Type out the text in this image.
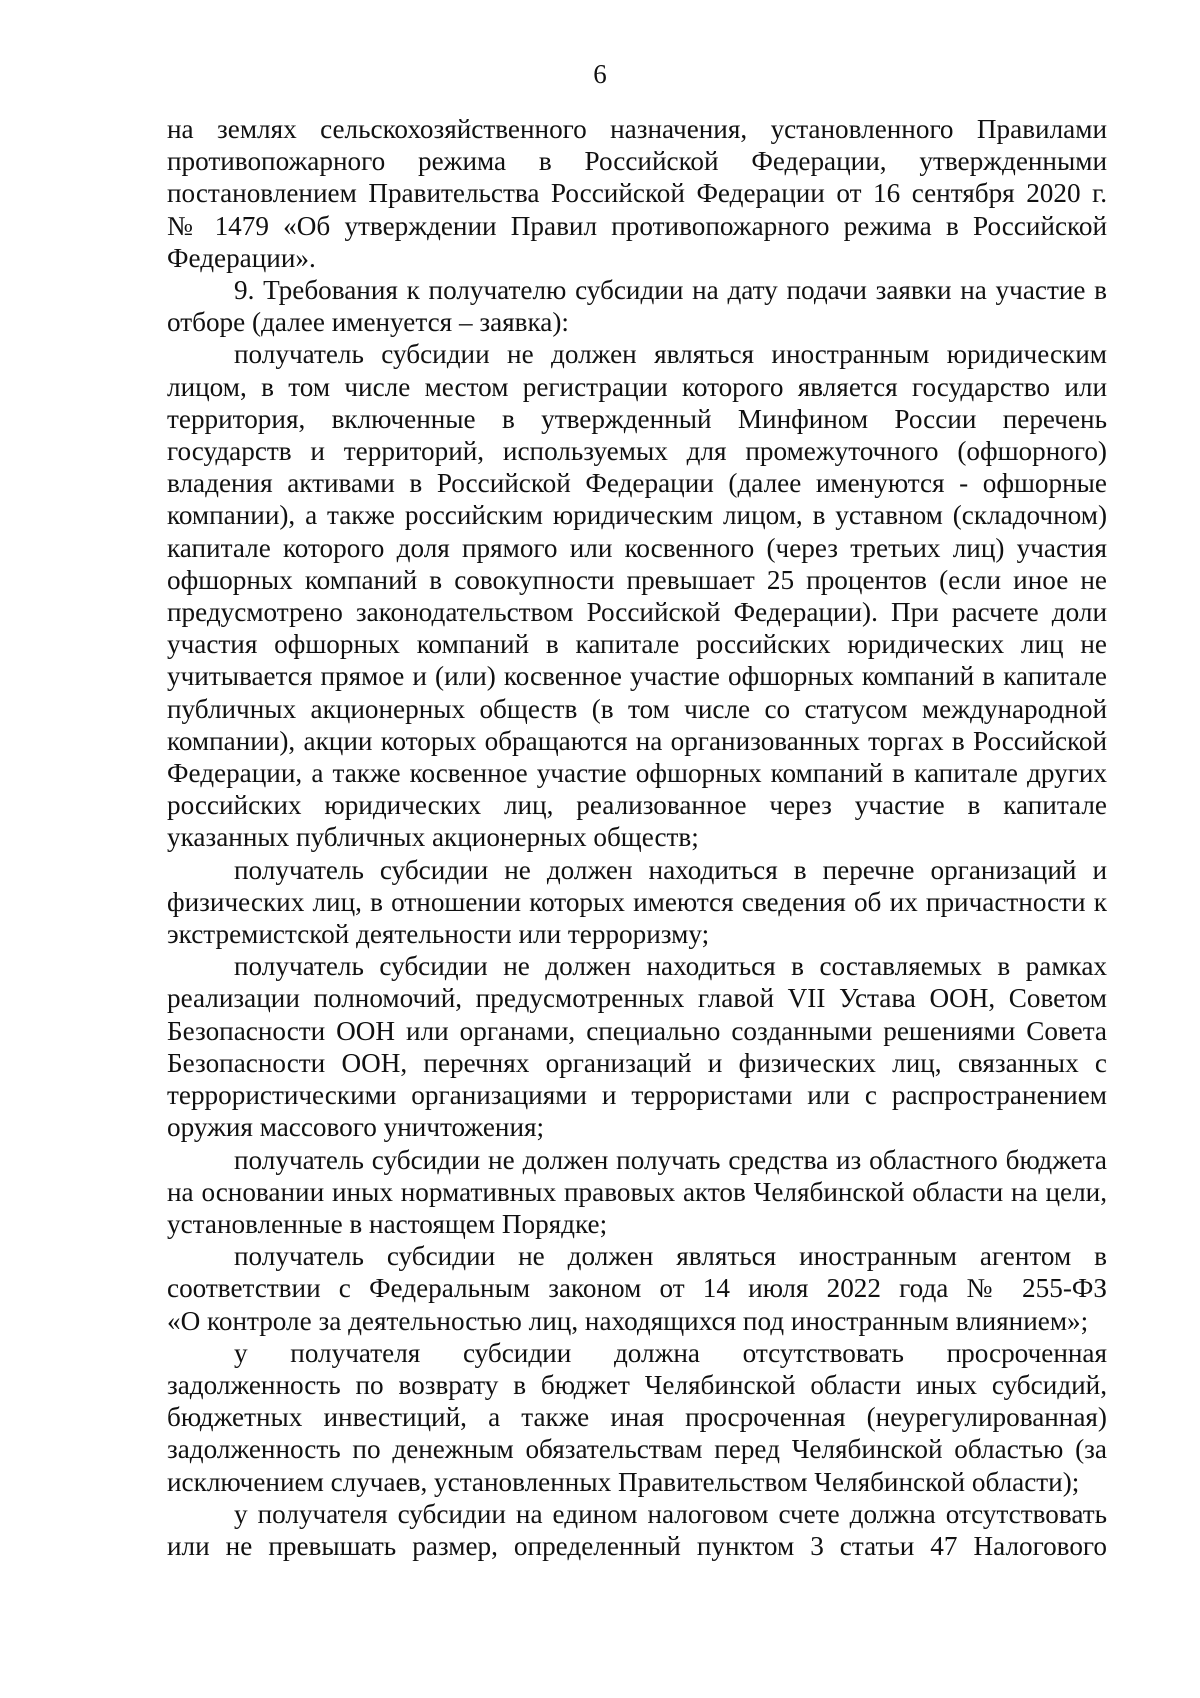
6

на землях сельскохозяйственного назначения, установленного Правилами
противопожарного режима в Российской Федерации, утвержденными
постановлением Правительства Российской Федерации от 16 сентября 2020 г.
№ 1479 «Об утверждении Правил противопожарного режима в Российской
Федерации».

9. Требования к получателю субсидии на дату подачи заявки на участие в
отборе (далее именуется – заявка):

получатель субсидии не должен являться иностранным юридическим
лицом, в том числе местом регистрации которого является государство или
территория, включенные в утвержденный Минфином России перечень
государств и территорий, используемых для промежуточного (офшорного)
владения активами в Российской Федерации (далее именуются - офшорные
компании), а также российским юридическим лицом, в уставном (складочном)
капитале которого доля прямого или косвенного (через третьих лиц) участия
офшорных компаний в совокупности превышает 25 процентов (если иное не
предусмотрено законодательством Российской Федерации). При расчете доли
участия офшорных компаний в капитале российских юридических лиц не
учитывается прямое и (или) косвенное участие офшорных компаний в капитале
публичных акционерных обществ (в том числе со статусом международной
компании), акции которых обращаются на организованных торгах в Российской
Федерации, а также косвенное участие офшорных компаний в капитале других
российских юридических лиц, реализованное через участие в капитале
указанных публичных акционерных обществ;

получатель субсидии не должен находиться в перечне организаций и
физических лиц, в отношении которых имеются сведения об их причастности к
экстремистской деятельности или терроризму;

получатель субсидии не должен находиться в составляемых в рамках
реализации полномочий, предусмотренных главой VII Устава ООН, Советом
Безопасности ООН или органами, специально созданными решениями Совета
Безопасности ООН, перечнях организаций и физических лиц, связанных с
террористическими организациями и террористами или с распространением
оружия массового уничтожения;

получатель субсидии не должен получать средства из областного бюджета
на основании иных нормативных правовых актов Челябинской области на цели,
установленные в настоящем Порядке;

получатель субсидии не должен являться иностранным агентом в
соответствии с Федеральным законом от 14 июля 2022 года № 255-ФЗ
«О контроле за деятельностью лиц, находящихся под иностранным влиянием»;

у получателя субсидии должна отсутствовать просроченная
задолженность по возврату в бюджет Челябинской области иных субсидий,
бюджетных инвестиций, а также иная просроченная (неурегулированная)
задолженность по денежным обязательствам перед Челябинской областью (за
исключением случаев, установленных Правительством Челябинской области);

у получателя субсидии на едином налоговом счете должна отсутствовать
или не превышать размер, определенный пунктом 3 статьи 47 Налогового
